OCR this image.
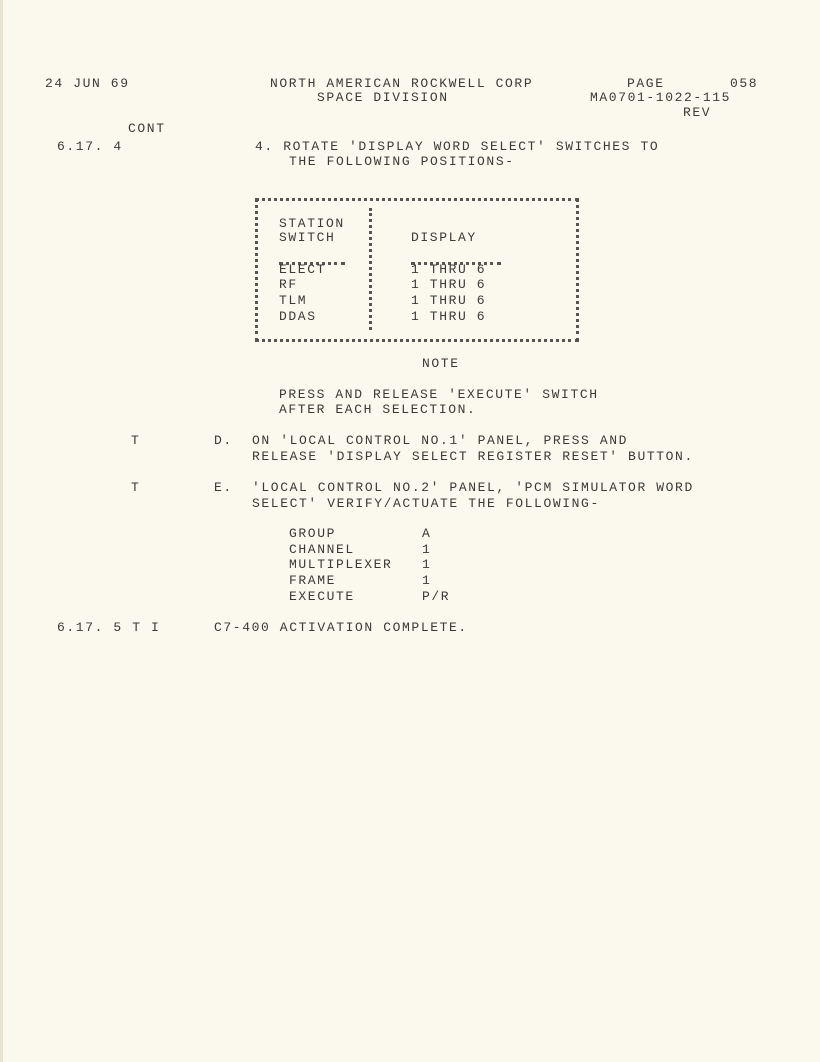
24 JUN 69	NORTH AMERICAN ROCKWELL CORP
SPACE DIVISION
PAGE	058
MA0701-1022-115
REV
CONT
6.17. 4	4. ROTATE 'DISPLAY WORD SELECT' SWITCHES TO
THE FOLLOWING POSITIONS-
STATION
SWITCH	DISPLAY
ELECT	1 THRU 6
RF	1 THRU 6
TLM	1 THRU 6
DDAS	1 THRU 6
NOTE
PRESS AND RELEASE 'EXECUTE' SWITCH
AFTER EACH SELECTION.
T	D. ON 'LOCAL CONTROL NO.1' PANEL, PRESS AND
RELEASE 'DISPLAY SELECT REGISTER RESET' BUTTON.
T	E. 'LOCAL CONTROL NO.2' PANEL, 'PCM SIMULATOR WORD
SELECT' VERIFY/ACTUATE THE FOLLOWING-
GROUP	A
CHANNEL	1
MULTIPLEXER 1
FRAME	1
EXECUTE	P/R
6.17. 5 T I	C7-400 ACTIVATION COMPLETE.
